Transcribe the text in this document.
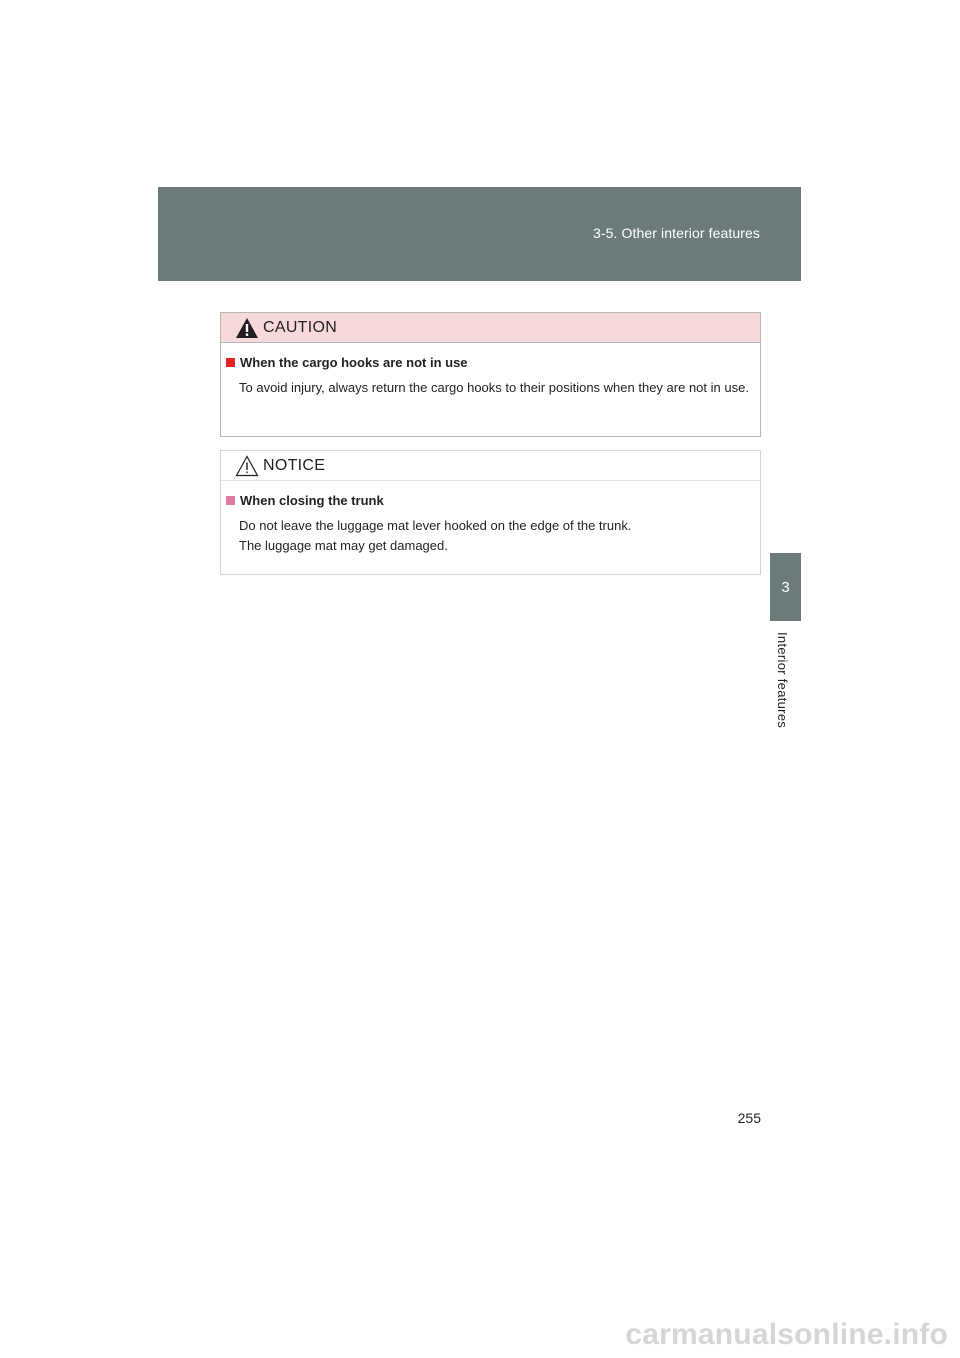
3-5. Other interior features
3
Interior features
CAUTION
When the cargo hooks are not in use
To avoid injury, always return the cargo hooks to their positions when they are not in use.
NOTICE
When closing the trunk
Do not leave the luggage mat lever hooked on the edge of the trunk.
The luggage mat may get damaged.
255
carmanualsonline.info
